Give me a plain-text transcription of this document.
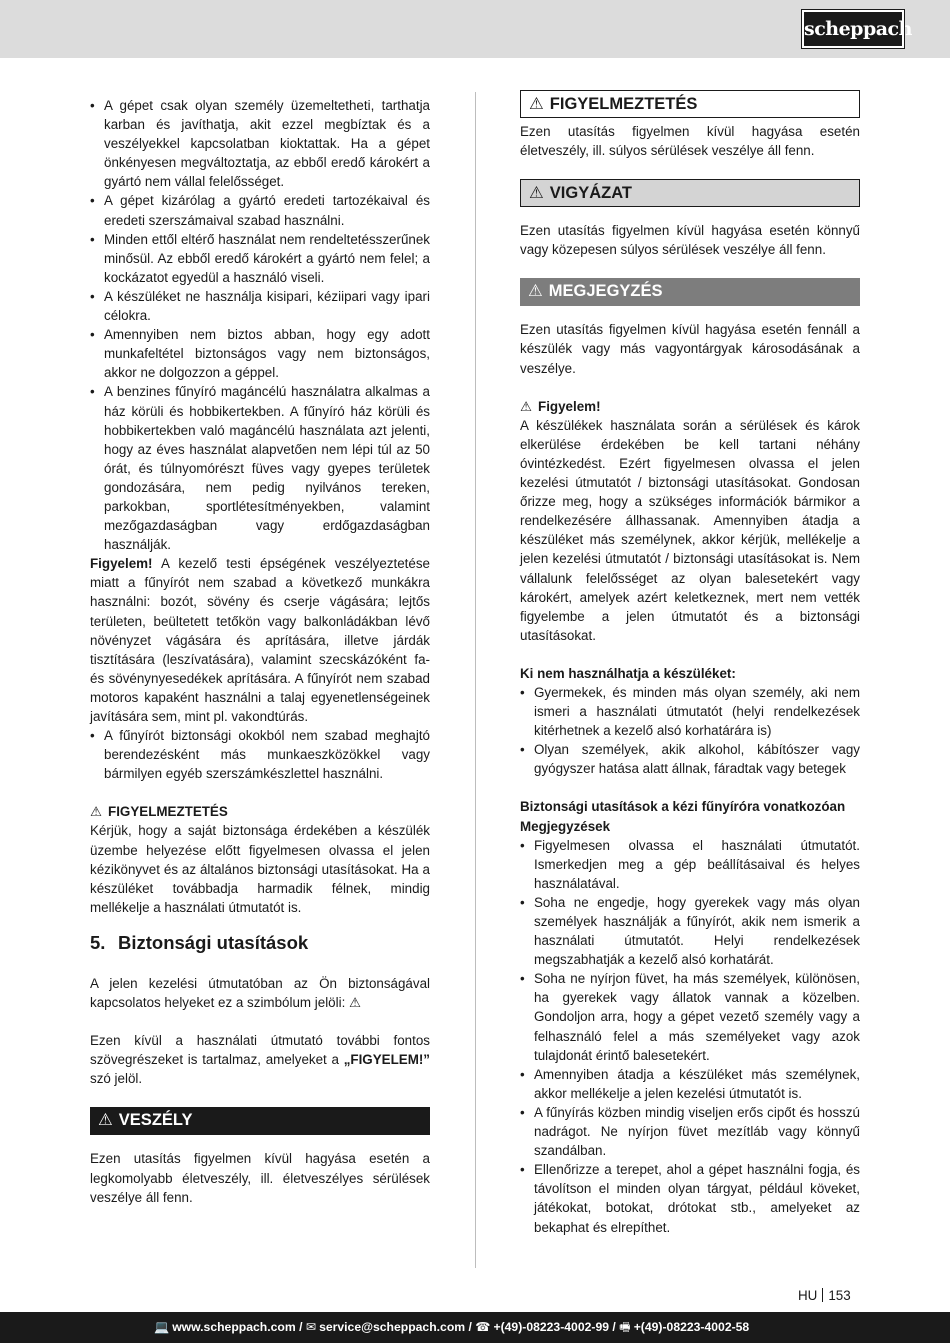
scheppach
• A gépet csak olyan személy üzemeltetheti, tarthatja karban és javíthatja, akit ezzel megbíztak és a veszélyekkel kapcsolatban kioktattak. Ha a gépet önkényesen megváltoztatja, az ebből eredő károkért a gyártó nem vállal felelősséget.
• A gépet kizárólag a gyártó eredeti tartozékaival és eredeti szerszámaival szabad használni.
• Minden ettől eltérő használat nem rendeltetésszerűnek minősül. Az ebből eredő károkért a gyártó nem felel; a kockázatot egyedül a használó viseli.
• A készüléket ne használja kisipari, kéziipari vagy ipari célokra.
• Amennyiben nem biztos abban, hogy egy adott munkafeltétel biztonságos vagy nem biztonságos, akkor ne dolgozzon a géppel.
• A benzines fűnyíró magáncélú használatra alkalmas a ház körüli és hobbikertekben. A fűnyíró ház körüli és hobbikertekben való magáncélú használata azt jelenti, hogy az éves használat alapvetően nem lépi túl az 50 órát, és túlnyomórészt füves vagy gyepes területek gondozására, nem pedig nyilvános tereken, parkokban, sportlétesítményekben, valamint mezőgazdaságban vagy erdőgazdaságban használják.

Figyelem! A kezelő testi épségének veszélyeztetése miatt a fűnyírót nem szabad a következő munkákra használni: bozót, sövény és cserje vágására; lejtős területen, beültetett tetőkön vagy balkonládákban lévő növényzet vágására és aprítására, illetve járdák tisztítására (leszívatására), valamint szecskázóként fa- és sövénynyesedékek aprítására. A fűnyírót nem szabad motoros kapaként használni a talaj egyenetlenségeinek javítására sem, mint pl. vakondtúrás.

• A fűnyírót biztonsági okokból nem szabad meghajtó berendezésként más munkaeszközökkel vagy bármilyen egyéb szerszámkészlettel használni.

⚠ FIGYELMEZTETÉS

Kérjük, hogy a saját biztonsága érdekében a készülék üzembe helyezése előtt figyelmesen olvassa el jelen kézikönyvet és az általános biztonsági utasításokat. Ha a készüléket továbbadja harmadik félnek, mindig mellékelje a használati útmutatót is.

5. Biztonsági utasítások

A jelen kezelési útmutatóban az Ön biztonságával kapcsolatos helyeket ez a szimbólum jelöli: ⚠

Ezen kívül a használati útmutató további fontos szövegrészeket is tartalmaz, amelyeket a „FIGYELEM!” szó jelöl.

⚠ VESZÉLY

Ezen utasítás figyelmen kívül hagyása esetén a legkomolyabb életveszély, ill. életveszélyes sérülések veszélye áll fenn.

⚠ FIGYELMEZTETÉS

Ezen utasítás figyelmen kívül hagyása esetén életveszély, ill. súlyos sérülések veszélye áll fenn.

⚠ VIGYÁZAT

Ezen utasítás figyelmen kívül hagyása esetén könnyű vagy közepesen súlyos sérülések veszélye áll fenn.

⚠ MEGJEGYZÉS

Ezen utasítás figyelmen kívül hagyása esetén fennáll a készülék vagy más vagyontárgyak károsodásának a veszélye.

⚠ Figyelem!

A készülékek használata során a sérülések és károk elkerülése érdekében be kell tartani néhány óvintézkedést. Ezért figyelmesen olvassa el jelen kezelési útmutatót / biztonsági utasításokat. Gondosan őrizze meg, hogy a szükséges információk bármikor a rendelkezésére állhassanak. Amennyiben átadja a készüléket más személynek, akkor kérjük, mellékelje a jelen kezelési útmutatót / biztonsági utasításokat is. Nem vállalunk felelősséget az olyan balesetekért vagy károkért, amelyek azért keletkeznek, mert nem vették figyelembe a jelen útmutatót és a biztonsági utasításokat.

Ki nem használhatja a készüléket:

• Gyermekek, és minden más olyan személy, aki nem ismeri a használati útmutatót (helyi rendelkezések kitérhetnek a kezelő alsó korhatárára is)
• Olyan személyek, akik alkohol, kábítószer vagy gyógyszer hatása alatt állnak, fáradtak vagy betegek

Biztonsági utasítások a kézi fűnyíróra vonatkozóan

Megjegyzések

• Figyelmesen olvassa el használati útmutatót. Ismerkedjen meg a gép beállításaival és helyes használatával.
• Soha ne engedje, hogy gyerekek vagy más olyan személyek használják a fűnyírót, akik nem ismerik a használati útmutatót. Helyi rendelkezések megszabhatják a kezelő alsó korhatárát.
• Soha ne nyírjon füvet, ha más személyek, különösen, ha gyerekek vagy állatok vannak a közelben. Gondoljon arra, hogy a gépet vezető személy vagy a felhasználó felel a más személyeket vagy azok tulajdonát érintő balesetekért.
• Amennyiben átadja a készüléket más személynek, akkor mellékelje a jelen kezelési útmutatót is.
• A fűnyírás közben mindig viseljen erős cipőt és hosszú nadrágot. Ne nyírjon füvet mezítláb vagy könnyű szandálban.
• Ellenőrizze a terepet, ahol a gépet használni fogja, és távolítson el minden olyan tárgyat, például köveket, játékokat, botokat, drótokat stb., amelyeket az bekaphat és elrepíthet.
HU 153
💻 www.scheppach.com / ✉ service@scheppach.com / ☎ +(49)-08223-4002-99 / 🖷 +(49)-08223-4002-58
